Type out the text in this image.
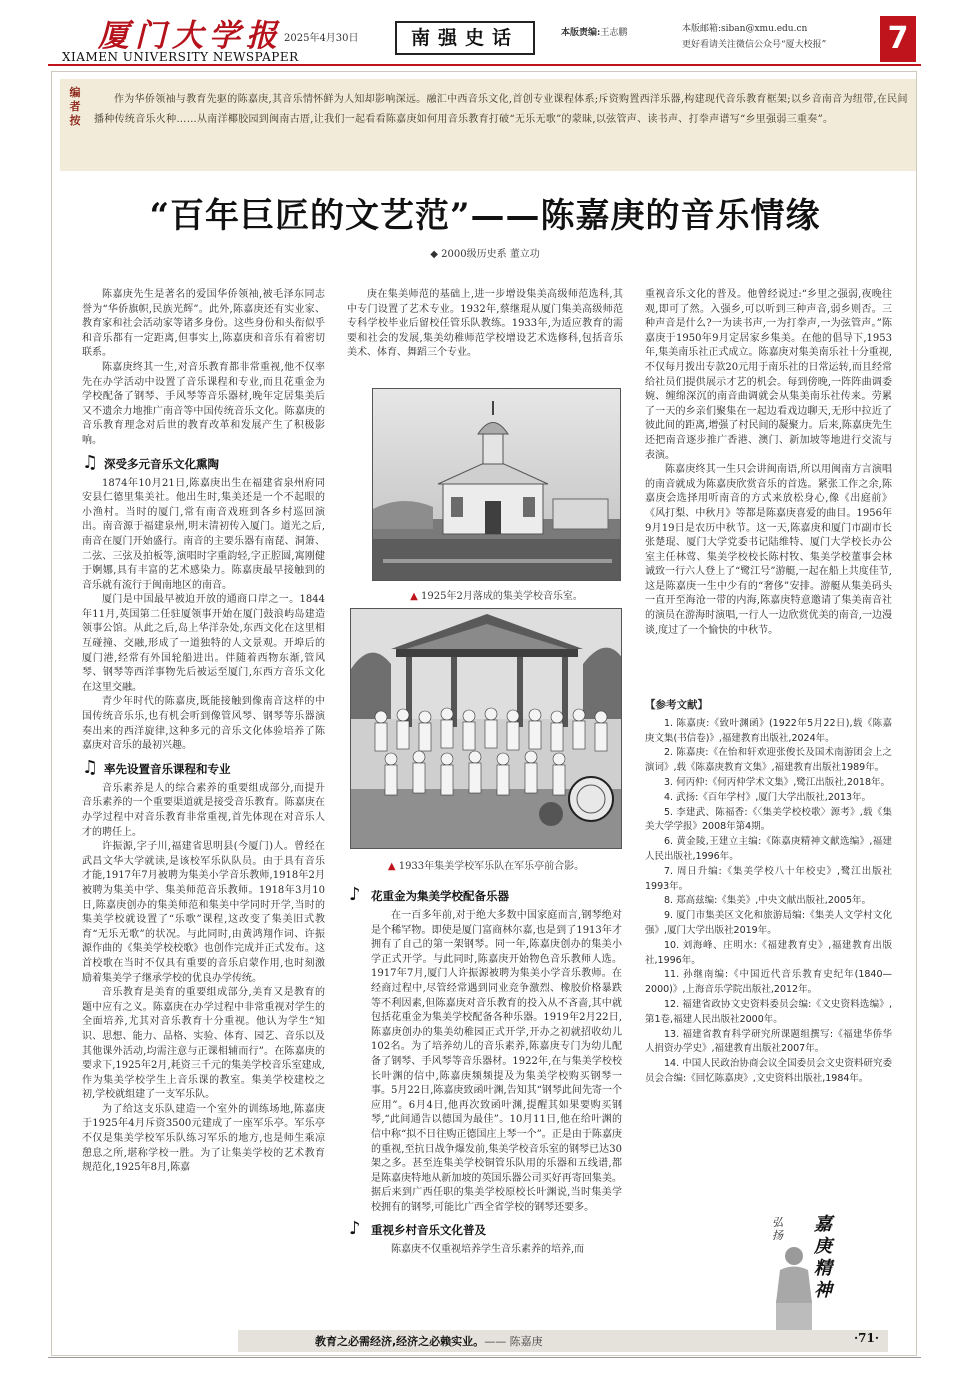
厦门大学报
XIAMEN UNIVERSITY NEWSPAPER
2025年4月30日	南强史话	本版责编:王志鹏	本版邮箱:siban@xmu.edu.cn
更好看请关注微信公众号“厦大校报” 7
编者按
作为华侨领袖与教育先驱的陈嘉庚,其音乐情怀鲜为人知却影响深远。融汇中西音乐文化,首创专业课程体系;斥资购置西洋乐器,构建现代音乐教育框架;以乡音南音为纽带,在民间播种传统音乐火种……从南洋椰胶园到闽南古厝,让我们一起看看陈嘉庚如何用音乐教育打破“无乐无歌”的蒙昧,以弦管声、读书声、打拳声谱写“乡里强弱三重奏”。
“百年巨匠的文艺范”——陈嘉庚的音乐情缘
◆ 2000级历史系 董立功

陈嘉庚先生是著名的爱国华侨领袖,被毛泽东同志誉为“华侨旗帜,民族光辉”。此外,陈嘉庚还有实业家、教育家和社会活动家等诸多身份。这些身份和头衔似乎和音乐都有一定距离,但事实上,陈嘉庚和音乐有着密切联系。

陈嘉庚终其一生,对音乐教育都非常重视,他不仅率先在办学活动中设置了音乐课程和专业,而且花重金为学校配备了钢琴、手风琴等音乐器材,晚年定居集美后又不遗余力地推广南音等中国传统音乐文化。陈嘉庚的音乐教育理念对后世的教育改革和发展产生了积极影响。

♫ 深受多元音乐文化熏陶

1874年10月21日,陈嘉庚出生在福建省泉州府同安县仁德里集美社。他出生时,集美还是一个不起眼的小渔村。当时的厦门,常有南音戏班到各乡村巡回演出。南音源于福建泉州,明末清初传入厦门。道光之后,南音在厦门开始盛行。南音的主要乐器有南琵、洞箫、二弦、三弦及拍板等,演唱时字重韵轻,字正腔圆,寓刚健于婀娜,具有丰富的艺术感染力。陈嘉庚最早接触到的音乐就有流行于闽南地区的南音。

厦门是中国最早被迫开放的通商口岸之一。1844年11月,英国第二任驻厦领事开始在厦门鼓浪屿岛建造领事公馆。从此之后,岛上华洋杂处,东西文化在这里相互碰撞、交融,形成了一道独特的人文景观。开埠后的厦门港,经常有外国轮船进出。伴随着西物东渐,管风琴、钢琴等西洋事物先后被运至厦门,东西方音乐文化在这里交融。

青少年时代的陈嘉庚,既能接触到像南音这样的中国传统音乐乐,也有机会听到像管风琴、钢琴等乐器演奏出来的西洋旋律,这种多元的音乐文化体验培养了陈嘉庚对音乐的最初兴趣。

♫ 率先设置音乐课程和专业

音乐素养是人的综合素养的重要组成部分,而提升音乐素养的一个重要渠道就是接受音乐教育。陈嘉庚在办学过程中对音乐教育非常重视,首先体现在对音乐人才的聘任上。

许振源,字子川,福建省思明县(今厦门)人。曾经在武昌文华大学就读,是该校军乐队队员。由于具有音乐才能,1917年7月被聘为集美小学音乐教师,1918年2月被聘为集美中学、集美师范音乐教师。1918年3月10日,陈嘉庚创办的集美师范和集美中学同时开学,当时的集美学校就设置了“乐歌”课程,这改变了集美旧式教育“无乐无歌”的状况。与此同时,由黄鸿翔作词、许振源作曲的《集美学校校歌》也创作完成并正式发布。这首校歌在当时不仅具有重要的音乐启蒙作用,也时刻激励着集美学子继承学校的优良办学传统。

音乐教育是美育的重要组成部分,美育又是教育的题中应有之义。陈嘉庚在办学过程中非常重视对学生的全面培养,尤其对音乐教育十分重视。他认为学生“知识、思想、能力、品格、实验、体育、园艺、音乐以及其他课外活动,均需注意与正课相辅而行”。在陈嘉庚的要求下,1925年2月,耗资三千元的集美学校音乐室建成,作为集美学校学生上音乐课的教室。集美学校建校之初,学校就组建了一支军乐队。

为了给这支乐队建造一个室外的训练场地,陈嘉庚于1925年4月斥资3500元建成了一座军乐亭。军乐亭不仅是集美学校军乐队练习军乐的地方,也是师生乘凉憩息之所,堪称学校一胜。为了让集美学校的艺术教育规范化,1925年8月,陈嘉

庚在集美师范的基础上,进一步增设集美高级师范选科,其中专门设置了艺术专业。1932年,蔡继琨从厦门集美高级师范专科学校毕业后留校任管乐队教练。1933年,为适应教育的需要和社会的发展,集美幼稚师范学校增设艺术选修科,包括音乐美术、体育、舞蹈三个专业。

▲ 1925年2月落成的集美学校音乐室。
▲ 1933年集美学校军乐队在军乐亭前合影。
♪ 花重金为集美学校配备乐器

在一百多年前,对于绝大多数中国家庭而言,钢琴绝对是个稀罕物。即使是厦门富商林尔嘉,也是到了1913年才拥有了自己的第一架钢琴。同一年,陈嘉庚创办的集美小学正式开学。与此同时,陈嘉庚开始物色音乐教师人选。1917年7月,厦门人许振源被聘为集美小学音乐教师。在经商过程中,尽管经常遇到同业竞争激烈、橡胶价格暴跌等不利因素,但陈嘉庚对音乐教育的投入从不吝啬,其中就包括花重金为集美学校配备各种乐器。1919年2月22日,陈嘉庚创办的集美幼稚园正式开学,开办之初就招收幼儿102名。为了培养幼儿的音乐素养,陈嘉庚专门为幼儿配备了钢琴、手风琴等音乐器材。1922年,在与集美学校校长叶渊的信中,陈嘉庚频频提及为集美学校购买钢琴一事。5月22日,陈嘉庚致函叶渊,告知其“钢琴此间先寄一个应用”。6月4日,他再次致函叶渊,提醒其如果要购买钢琴,“此间通告以德国为最佳”。10月11日,他在给叶渊的信中称“拟不日往购正德国庄上琴一个”。正是由于陈嘉庚的重视,至抗日战争爆发前,集美学校音乐室的钢琴已达30架之多。甚至连集美学校铜管乐队用的乐器和五线谱,都是陈嘉庚特地从新加坡的英国乐器公司买好再寄回集美。据后来到广西任职的集美学校原校长叶渊说,当时集美学校拥有的钢琴,可能比广西全省学校的钢琴还要多。

♪ 重视乡村音乐文化普及

陈嘉庚不仅重视培养学生音乐素养的培养,而

重视音乐文化的普及。他曾经说过:“乡里之强弱,夜晚往观,即可了然。入强乡,可以听到三种声音,弱乡则否。三种声音是什么?一为读书声,一为打拳声,一为弦管声。”陈嘉庚于1950年9月定居家乡集美。在他的倡导下,1953年,集美南乐社正式成立。陈嘉庚对集美南乐社十分重视,不仅每月拨出专款20元用于南乐社的日常运转,而且经常给社员们提供展示才艺的机会。每到傍晚,一阵阵曲调委婉、缠绵深沉的南音曲调就会从集美南乐社传来。劳累了一天的乡亲们聚集在一起边看戏边聊天,无形中拉近了彼此间的距离,增强了村民间的凝聚力。后来,陈嘉庚先生还把南音逐步推广香港、澳门、新加坡等地进行交流与表演。

陈嘉庚终其一生只会讲闽南语,所以用闽南方言演唱的南音就成为陈嘉庚欣赏音乐的首选。紧张工作之余,陈嘉庚会选择用听南音的方式来放松身心,像《出庭前》《风打梨、中秋月》等都是陈嘉庚喜爱的曲目。1956年9月19日是农历中秋节。这一天,陈嘉庚和厦门市副市长张楚琨、厦门大学党委书记陆维特、厦门大学校长办公室主任林莺、集美学校校长陈村牧、集美学校董事会林诚致一行六人登上了“鹭江号”游艇,一起在船上共度佳节,这是陈嘉庚一生中少有的“奢侈”安排。游艇从集美码头一直开至海沧一带的内海,陈嘉庚特意邀请了集美南音社的演员在游海时演唱,一行人一边欣赏优美的南音,一边漫谈,度过了一个愉快的中秋节。

【参考文献】

1. 陈嘉庚:《致叶渊函》(1922年5月22日),载《陈嘉庚文集(书信卷)》,福建教育出版社,2024年。

2. 陈嘉庚:《在怡和轩欢迎张俊长及国术南游团会上之演词》,载《陈嘉庚教育文集》,福建教育出版社1989年。

3. 何丙仲:《何丙仲学术文集》,鹭江出版社,2018年。

4. 武扬:《百年学村》,厦门大学出版社,2013年。

5. 李建武、陈福香:《〈集美学校校歌〉源考》,载《集美大学学报》2008年第4期。

6. 黄金陵,王建立主编:《陈嘉庚精神文献选编》,福建人民出版社,1996年。

7. 周日升编:《集美学校八十年校史》,鹭江出版社1993年。

8. 郑高兹编:《集美》,中央文献出版社,2005年。

9. 厦门市集美区文化和旅游局编:《集美人文学村文化强》,厦门大学出版社2019年。

10. 刘海峰、庄明水:《福建教育史》,福建教育出版社,1996年。

11. 孙继南编:《中国近代音乐教育史纪年(1840—2000)》,上海音乐学院出版社,2012年。

12. 福建省政协文史资料委员会编:《文史资料选编》,第1卷,福建人民出版社2000年。

13. 福建省教育科学研究所课题组撰写:《福建华侨华人捐资办学史》,福建教育出版社2007年。

14. 中国人民政治协商会议全国委员会文史资料研究委员会合编:《回忆陈嘉庚》,文史资料出版社,1984年。

弘扬
嘉庚精神
教育之必需经济,经济之必赖实业。—— 陈嘉庚	·71·
